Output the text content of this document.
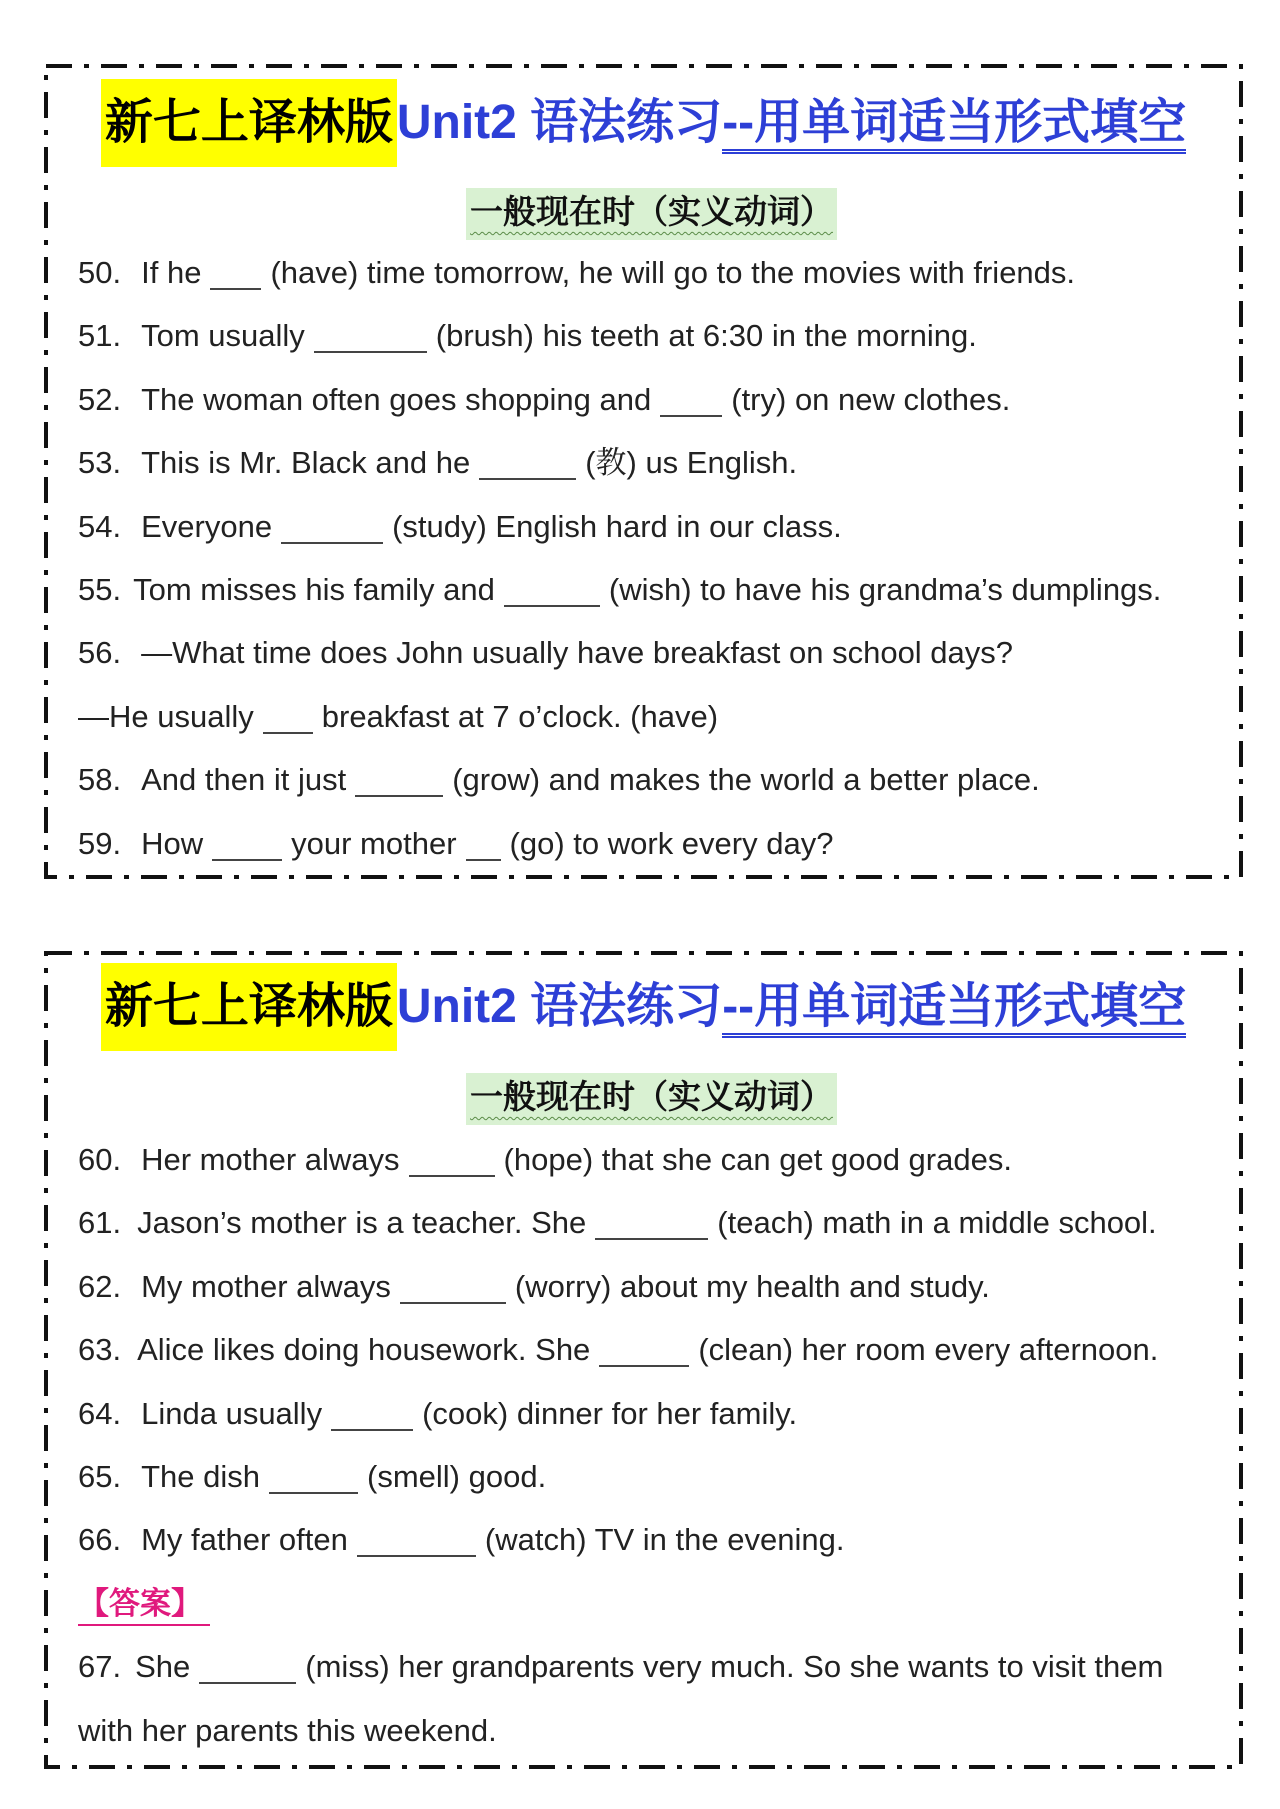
新七上译林版Unit2 语法练习--用单词适当形式填空
一般现在时（实义动词）
50. If he (have) time tomorrow, he will go to the movies with friends.
51. Tom usually	(brush) his teeth at 6:30 in the morning.
52. The woman often goes shopping and	(try) on new clothes.
53. This is Mr. Black and he	(教) us English.
54. Everyone	(study) English hard in our class.
55. Tom misses his family and	(wish) to have his grandma’s dumplings.
56. —What time does John usually have breakfast on school days?
—He usually breakfast at 7 o’clock. (have)
58. And then it just	(grow) and makes the world a better place.
59. How	your mother (go) to work every day?
新七上译林版Unit2 语法练习--用单词适当形式填空
一般现在时（实义动词）
60. Her mother always	(hope) that she can get good grades.
61. Jason’s mother is a teacher. She	(teach) math in a middle school.
62. My mother always	(worry) about my health and study.
63. Alice likes doing housework. She	(clean) her room every afternoon.
64. Linda usually	(cook) dinner for her family.
65. The dish	(smell) good.
66. My father often	(watch) TV in the evening.
【答案】
67. She	(miss) her grandparents very much. So she wants to visit them
with her parents this weekend.
